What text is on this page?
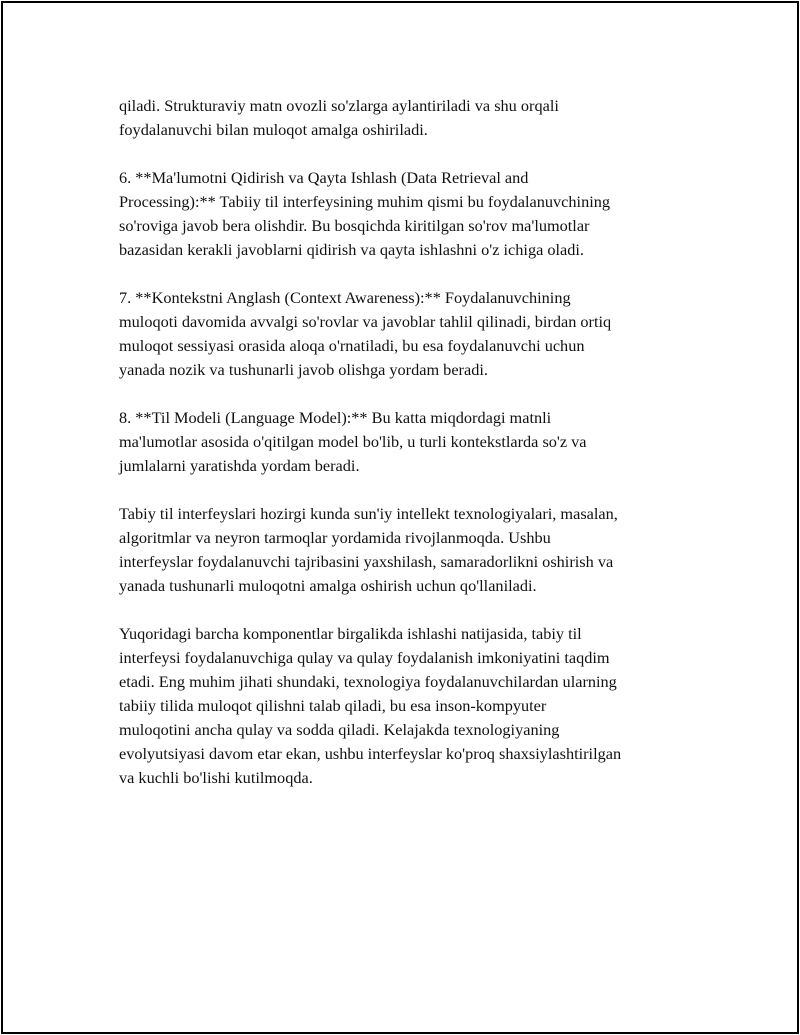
qiladi. Strukturaviy matn ovozli so'zlarga aylantiriladi va shu orqali
foydalanuvchi bilan muloqot amalga oshiriladi.

6. **Ma'lumotni Qidirish va Qayta Ishlash (Data Retrieval and
Processing):** Tabiiy til interfeysining muhim qismi bu foydalanuvchining
so'roviga javob bera olishdir. Bu bosqichda kiritilgan so'rov ma'lumotlar
bazasidan kerakli javoblarni qidirish va qayta ishlashni o'z ichiga oladi.

7. **Kontekstni Anglash (Context Awareness):** Foydalanuvchining
muloqoti davomida avvalgi so'rovlar va javoblar tahlil qilinadi, birdan ortiq
muloqot sessiyasi orasida aloqa o'rnatiladi, bu esa foydalanuvchi uchun
yanada nozik va tushunarli javob olishga yordam beradi.

8. **Til Modeli (Language Model):** Bu katta miqdordagi matnli
ma'lumotlar asosida o'qitilgan model bo'lib, u turli kontekstlarda so'z va
jumlalarni yaratishda yordam beradi.

Tabiy til interfeyslari hozirgi kunda sun'iy intellekt texnologiyalari, masalan,
algoritmlar va neyron tarmoqlar yordamida rivojlanmoqda. Ushbu
interfeyslar foydalanuvchi tajribasini yaxshilash, samaradorlikni oshirish va
yanada tushunarli muloqotni amalga oshirish uchun qo'llaniladi.

Yuqoridagi barcha komponentlar birgalikda ishlashi natijasida, tabiy til
interfeysi foydalanuvchiga qulay va qulay foydalanish imkoniyatini taqdim
etadi. Eng muhim jihati shundaki, texnologiya foydalanuvchilardan ularning
tabiiy tilida muloqot qilishni talab qiladi, bu esa inson-kompyuter
muloqotini ancha qulay va sodda qiladi. Kelajakda texnologiyaning
evolyutsiyasi davom etar ekan, ushbu interfeyslar ko'proq shaxsiylashtirilgan
va kuchli bo'lishi kutilmoqda.
